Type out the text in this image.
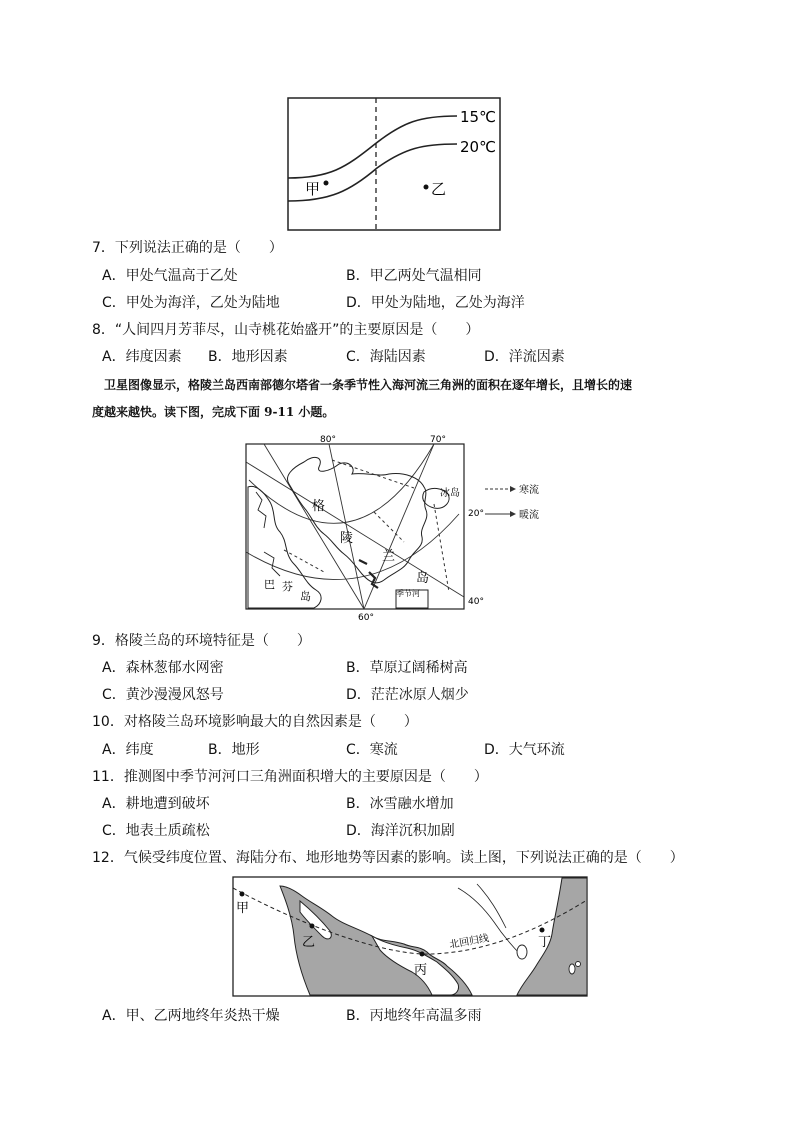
15℃
20℃
甲	乙
7．下列说法正确的是（　　）
A．甲处气温高于乙处	B．甲乙两处气温相同
C．甲处为海洋，乙处为陆地	D．甲处为陆地，乙处为海洋
8．“人间四月芳菲尽，山寺桃花始盛开”的主要原因是（　　）
A．纬度因素 B．地形因素	C．海陆因素	D．洋流因素
卫星图像显示，格陵兰岛西南部德尔塔省一条季节性入海河流三角洲的面积在逐年增长，且增长的速
度越来越快。读下图，完成下面 9-11 小题。
80°	70°
60°
20°
40°
格
陵
兰
岛
冰岛
巴 芬
岛	季节河
寒流
暖流
9．格陵兰岛的环境特征是（　　）
A．森林葱郁水网密	B．草原辽阔稀树高
C．黄沙漫漫风怒号	D．茫茫冰原人烟少
10．对格陵兰岛环境影响最大的自然因素是（　　）
A．纬度	B．地形	C．寒流	D．大气环流
11．推测图中季节河河口三角洲面积增大的主要原因是（　　）
A．耕地遭到破坏	B．冰雪融水增加
C．地表土质疏松	D．海洋沉积加剧
12．气候受纬度位置、海陆分布、地形地势等因素的影响。读上图，下列说法正确的是（　　）
甲
乙
丙
丁
北回归线
A．甲、乙两地终年炎热干燥	B．丙地终年高温多雨
